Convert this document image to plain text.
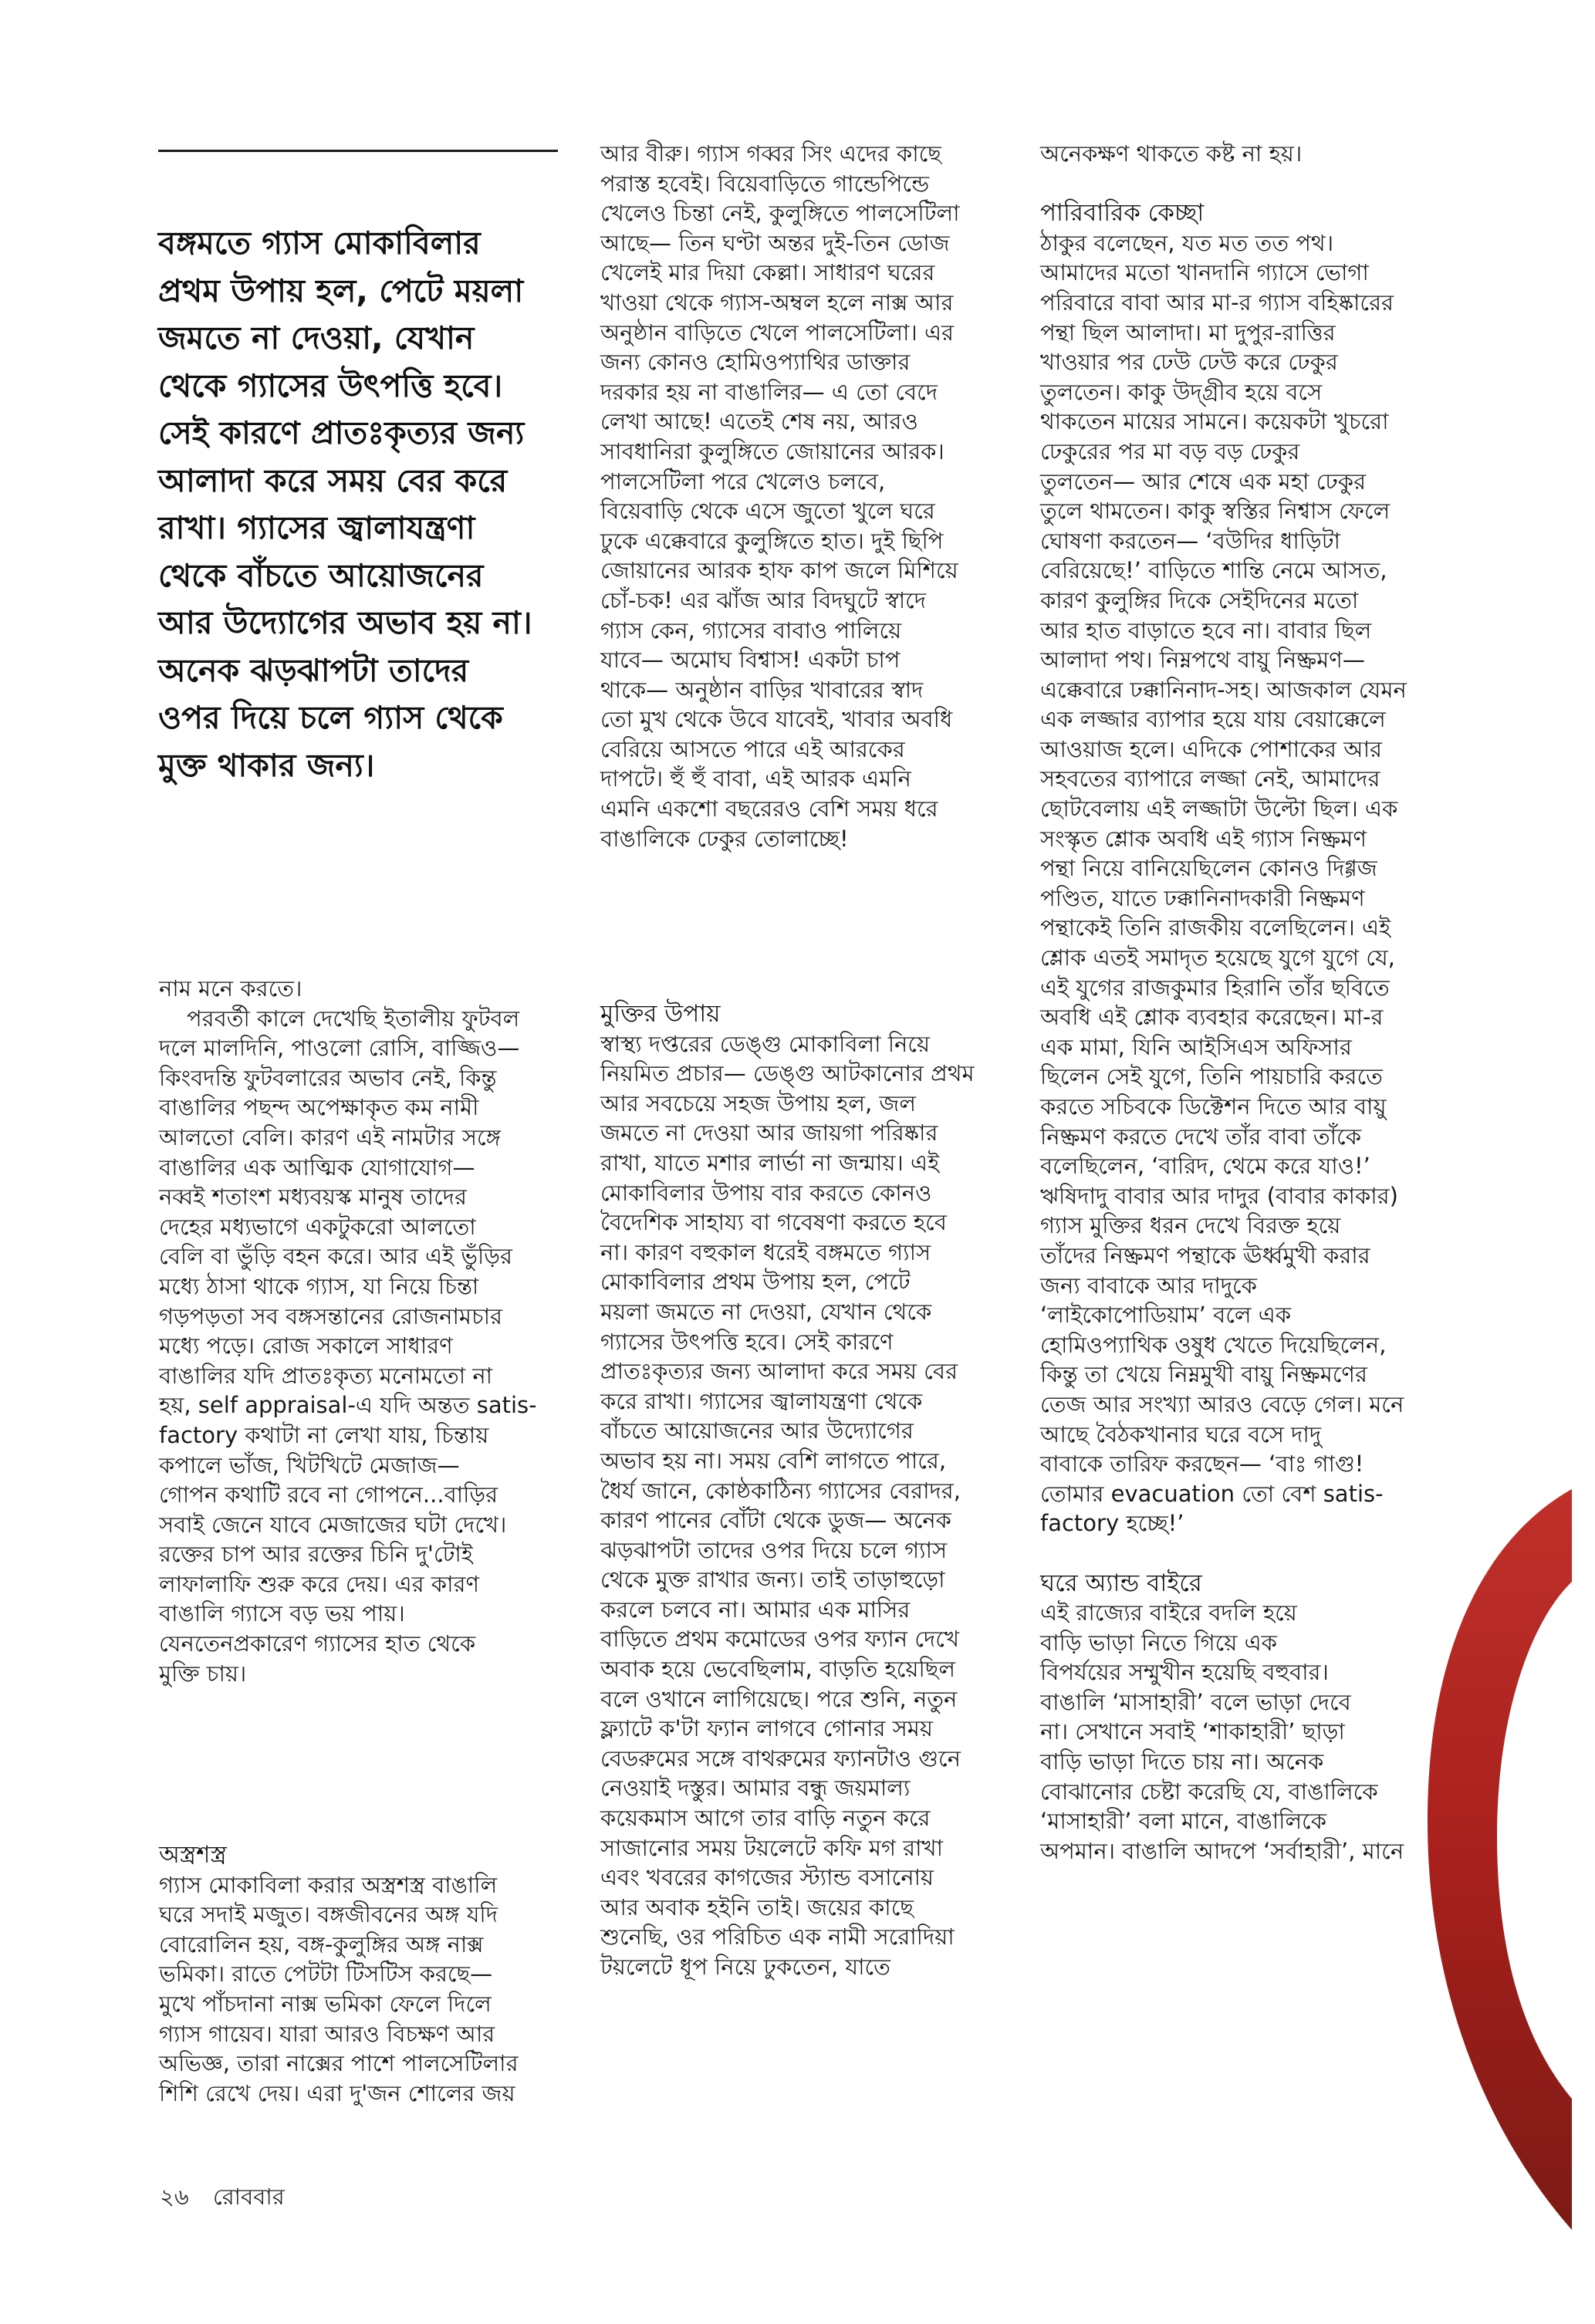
বঙ্গমতে গ্যাস মোকাবিলার
প্রথম উপায় হল, পেটে ময়লা
জমতে না দেওয়া, যেখান
থেকে গ্যাসের উৎপত্তি হবে।
সেই কারণে প্রাতঃকৃত্যর জন্য
আলাদা করে সময় বের করে
রাখা। গ্যাসের জ্বালাযন্ত্রণা
থেকে বাঁচতে আয়োজনের
আর উদ্যোগের অভাব হয় না।
অনেক ঝড়ঝাপটা তাদের
ওপর দিয়ে চলে গ্যাস থেকে
মুক্ত থাকার জন্য।
নাম মনে করতে।
পরবর্তী কালে দেখেছি ইতালীয় ফুটবল
দলে মালদিনি, পাওলো রোসি, বাজ্জিও—
কিংবদন্তি ফুটবলারের অভাব নেই, কিন্তু
বাঙালির পছন্দ অপেক্ষাকৃত কম নামী
আলতো বেলি। কারণ এই নামটার সঙ্গে
বাঙালির এক আত্মিক যোগাযোগ—
নব্বই শতাংশ মধ্যবয়স্ক মানুষ তাদের
দেহের মধ্যভাগে একটুকরো আলতো
বেলি বা ভুঁড়ি বহন করে। আর এই ভুঁড়ির
মধ্যে ঠাসা থাকে গ্যাস, যা নিয়ে চিন্তা
গড়পড়তা সব বঙ্গসন্তানের রোজনামচার
মধ্যে পড়ে। রোজ সকালে সাধারণ
বাঙালির যদি প্রাতঃকৃত্য মনোমতো না
হয়, self appraisal-এ যদি অন্তত satis-
factory কথাটা না লেখা যায়, চিন্তায়
কপালে ভাঁজ, খিটখিটে মেজাজ—
গোপন কথাটি রবে না গোপনে...বাড়ির
সবাই জেনে যাবে মেজাজের ঘটা দেখে।
রক্তের চাপ আর রক্তের চিনি দু'টোই
লাফালাফি শুরু করে দেয়। এর কারণ
বাঙালি গ্যাসে বড় ভয় পায়।
যেনতেনপ্রকারেণ গ্যাসের হাত থেকে
মুক্তি চায়।
অস্ত্রশস্ত্র
গ্যাস মোকাবিলা করার অস্ত্রশস্ত্র বাঙালি
ঘরে সদাই মজুত। বঙ্গজীবনের অঙ্গ যদি
বোরোলিন হয়, বঙ্গ-কুলুঙ্গির অঙ্গ নাক্স
ভমিকা। রাতে পেটটা টিসটিস করছে—
মুখে পাঁচদানা নাক্স ভমিকা ফেলে দিলে
গ্যাস গায়েব। যারা আরও বিচক্ষণ আর
অভিজ্ঞ, তারা নাক্সের পাশে পালসেটিলার
শিশি রেখে দেয়। এরা দু'জন শোলের জয়
আর বীরু। গ্যাস গব্বর সিং এদের কাছে
পরাস্ত হবেই। বিয়েবাড়িতে গান্ডেপিন্ডে
খেলেও চিন্তা নেই, কুলুঙ্গিতে পালসেটিলা
আছে— তিন ঘণ্টা অন্তর দুই-তিন ডোজ
খেলেই মার দিয়া কেল্লা। সাধারণ ঘরের
খাওয়া থেকে গ্যাস-অম্বল হলে নাক্স আর
অনুষ্ঠান বাড়িতে খেলে পালসেটিলা। এর
জন্য কোনও হোমিওপ্যাথির ডাক্তার
দরকার হয় না বাঙালির— এ তো বেদে
লেখা আছে! এতেই শেষ নয়, আরও
সাবধানিরা কুলুঙ্গিতে জোয়ানের আরক।
পালসেটিলা পরে খেলেও চলবে,
বিয়েবাড়ি থেকে এসে জুতো খুলে ঘরে
ঢুকে এক্কেবারে কুলুঙ্গিতে হাত। দুই ছিপি
জোয়ানের আরক হাফ কাপ জলে মিশিয়ে
চোঁ-চক! এর ঝাঁজ আর বিদঘুটে স্বাদে
গ্যাস কেন, গ্যাসের বাবাও পালিয়ে
যাবে— অমোঘ বিশ্বাস! একটা চাপ
থাকে— অনুষ্ঠান বাড়ির খাবারের স্বাদ
তো মুখ থেকে উবে যাবেই, খাবার অবধি
বেরিয়ে আসতে পারে এই আরকের
দাপটে। হুঁ হুঁ বাবা, এই আরক এমনি
এমনি একশো বছরেরও বেশি সময় ধরে
বাঙালিকে ঢেকুর তোলাচ্ছে!
মুক্তির উপায়
স্বাস্থ্য দপ্তরের ডেঙ্গু মোকাবিলা নিয়ে
নিয়মিত প্রচার— ডেঙ্গু আটকানোর প্রথম
আর সবচেয়ে সহজ উপায় হল, জল
জমতে না দেওয়া আর জায়গা পরিষ্কার
রাখা, যাতে মশার লার্ভা না জন্মায়। এই
মোকাবিলার উপায় বার করতে কোনও
বৈদেশিক সাহায্য বা গবেষণা করতে হবে
না। কারণ বহুকাল ধরেই বঙ্গমতে গ্যাস
মোকাবিলার প্রথম উপায় হল, পেটে
ময়লা জমতে না দেওয়া, যেখান থেকে
গ্যাসের উৎপত্তি হবে। সেই কারণে
প্রাতঃকৃত্যর জন্য আলাদা করে সময় বের
করে রাখা। গ্যাসের জ্বালাযন্ত্রণা থেকে
বাঁচতে আয়োজনের আর উদ্যোগের
অভাব হয় না। সময় বেশি লাগতে পারে,
ধৈর্য জানে, কোষ্ঠকাঠিন্য গ্যাসের বেরাদর,
কারণ পানের বোঁটা থেকে ডুজ— অনেক
ঝড়ঝাপটা তাদের ওপর দিয়ে চলে গ্যাস
থেকে মুক্ত রাখার জন্য। তাই তাড়াহুড়ো
করলে চলবে না। আমার এক মাসির
বাড়িতে প্রথম কমোডের ওপর ফ্যান দেখে
অবাক হয়ে ভেবেছিলাম, বাড়তি হয়েছিল
বলে ওখানে লাগিয়েছে। পরে শুনি, নতুন
ফ্ল্যাটে ক'টা ফ্যান লাগবে গোনার সময়
বেডরুমের সঙ্গে বাথরুমের ফ্যানটাও গুনে
নেওয়াই দস্তুর। আমার বন্ধু জয়মাল্য
কয়েকমাস আগে তার বাড়ি নতুন করে
সাজানোর সময় টয়লেটে কফি মগ রাখা
এবং খবরের কাগজের স্ট্যান্ড বসানোয়
আর অবাক হইনি তাই। জয়ের কাছে
শুনেছি, ওর পরিচিত এক নামী সরোদিয়া
টয়লেটে ধূপ নিয়ে ঢুকতেন, যাতে
অনেকক্ষণ থাকতে কষ্ট না হয়।
পারিবারিক কেচ্ছা
ঠাকুর বলেছেন, যত মত তত পথ।
আমাদের মতো খানদানি গ্যাসে ভোগা
পরিবারে বাবা আর মা-র গ্যাস বহিষ্কারের
পন্থা ছিল আলাদা। মা দুপুর-রাত্তির
খাওয়ার পর ঢেউ ঢেউ করে ঢেকুর
তুলতেন। কাকু উদ্গ্রীব হয়ে বসে
থাকতেন মায়ের সামনে। কয়েকটা খুচরো
ঢেকুরের পর মা বড় বড় ঢেকুর
তুলতেন— আর শেষে এক মহা ঢেকুর
তুলে থামতেন। কাকু স্বস্তির নিশ্বাস ফেলে
ঘোষণা করতেন— ‘বউদির ধাড়িটা
বেরিয়েছে!’ বাড়িতে শান্তি নেমে আসত,
কারণ কুলুঙ্গির দিকে সেইদিনের মতো
আর হাত বাড়াতে হবে না। বাবার ছিল
আলাদা পথ। নিম্নপথে বায়ু নিষ্ক্রমণ—
এক্কেবারে ঢক্কানিনাদ-সহ। আজকাল যেমন
এক লজ্জার ব্যাপার হয়ে যায় বেয়াক্কেলে
আওয়াজ হলে। এদিকে পোশাকের আর
সহবতের ব্যাপারে লজ্জা নেই, আমাদের
ছোটবেলায় এই লজ্জাটা উল্টো ছিল। এক
সংস্কৃত শ্লোক অবধি এই গ্যাস নিষ্ক্রমণ
পন্থা নিয়ে বানিয়েছিলেন কোনও দিগ্গজ
পণ্ডিত, যাতে ঢক্কানিনাদকারী নিষ্ক্রমণ
পন্থাকেই তিনি রাজকীয় বলেছিলেন। এই
শ্লোক এতই সমাদৃত হয়েছে যুগে যুগে যে,
এই যুগের রাজকুমার হিরানি তাঁর ছবিতে
অবধি এই শ্লোক ব্যবহার করেছেন। মা-র
এক মামা, যিনি আইসিএস অফিসার
ছিলেন সেই যুগে, তিনি পায়চারি করতে
করতে সচিবকে ডিক্টেশন দিতে আর বায়ু
নিষ্ক্রমণ করতে দেখে তাঁর বাবা তাঁকে
বলেছিলেন, ‘বারিদ, থেমে করে যাও!’
ঋষিদাদু বাবার আর দাদুর (বাবার কাকার)
গ্যাস মুক্তির ধরন দেখে বিরক্ত হয়ে
তাঁদের নিষ্ক্রমণ পন্থাকে ঊর্ধ্বমুখী করার
জন্য বাবাকে আর দাদুকে
‘লাইকোপোডিয়াম’ বলে এক
হোমিওপ্যাথিক ওষুধ খেতে দিয়েছিলেন,
কিন্তু তা খেয়ে নিম্নমুখী বায়ু নিষ্ক্রমণের
তেজ আর সংখ্যা আরও বেড়ে গেল। মনে
আছে বৈঠকখানার ঘরে বসে দাদু
বাবাকে তারিফ করছেন— ‘বাঃ গাগু!
তোমার evacuation তো বেশ satis-
factory হচ্ছে!’
ঘরে অ্যান্ড বাইরে
এই রাজ্যের বাইরে বদলি হয়ে
বাড়ি ভাড়া নিতে গিয়ে এক
বিপর্যয়ের সম্মুখীন হয়েছি বহুবার।
বাঙালি ‘মাসাহারী’ বলে ভাড়া দেবে
না। সেখানে সবাই ‘শাকাহারী’ ছাড়া
বাড়ি ভাড়া দিতে চায় না। অনেক
বোঝানোর চেষ্টা করেছি যে, বাঙালিকে
‘মাসাহারী’ বলা মানে, বাঙালিকে
অপমান। বাঙালি আদপে ‘সর্বাহারী’, মানে
২৬ রোববার
